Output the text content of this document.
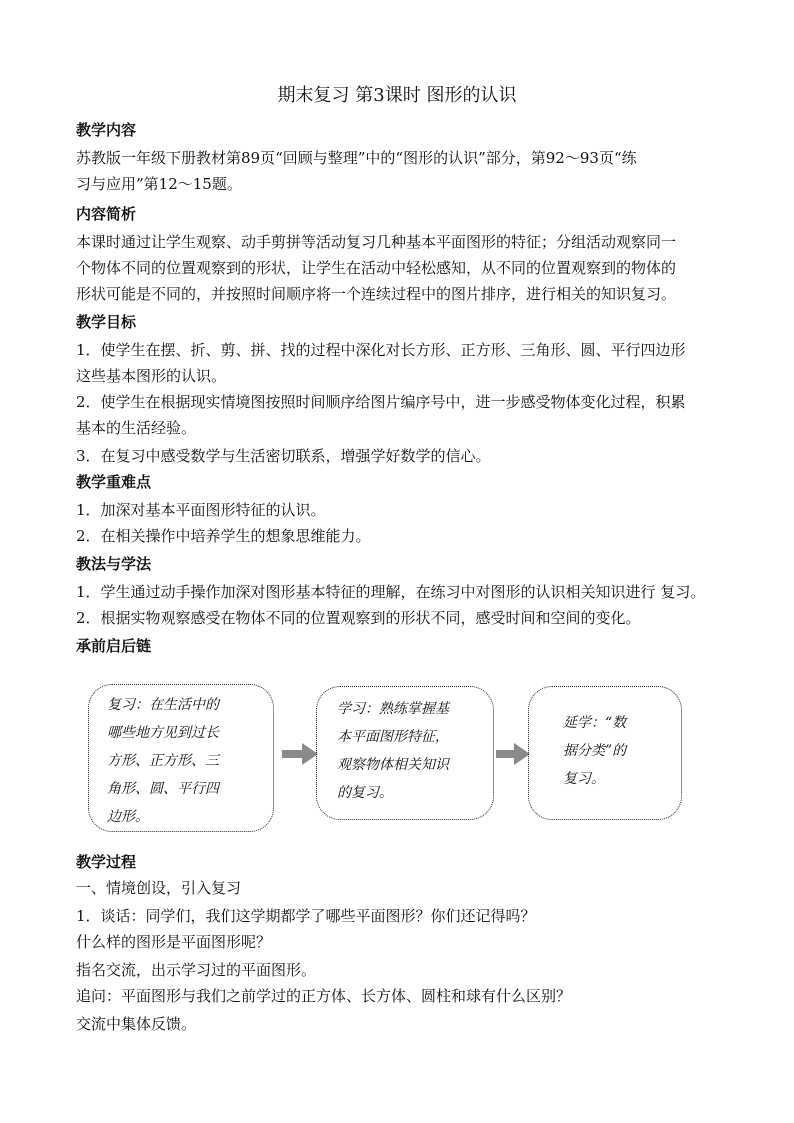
期末复习 第3课时 图形的认识
教学内容
苏教版一年级下册教材第89页“回顾与整理”中的“图形的认识”部分，第92～93页“练
习与应用”第12～15题。
内容简析
本课时通过让学生观察、动手剪拼等活动复习几种基本平面图形的特征；分组活动观察同一
个物体不同的位置观察到的形状，让学生在活动中轻松感知，从不同的位置观察到的物体的
形状可能是不同的，并按照时间顺序将一个连续过程中的图片排序，进行相关的知识复习。
教学目标
1．使学生在摆、折、剪、拼、找的过程中深化对长方形、正方形、三角形、圆、平行四边形
这些基本图形的认识。
2．使学生在根据现实情境图按照时间顺序给图片编序号中，进一步感受物体变化过程，积累
基本的生活经验。
3．在复习中感受数学与生活密切联系，增强学好数学的信心。
教学重难点
1．加深对基本平面图形特征的认识。
2．在相关操作中培养学生的想象思维能力。
教法与学法
1．学生通过动手操作加深对图形基本特征的理解，在练习中对图形的认识相关知识进行 复习。
2．根据实物观察感受在物体不同的位置观察到的形状不同，感受时间和空间的变化。
承前启后链
复习：在生活中的
哪些地方见到过长
方形、正方形、三
角形、圆、平行四
边形。
学习：熟练掌握基
本平面图形特征，
观察物体相关知识
的复习。
延学：“数
据分类”的
复习。
教学过程
一、情境创设，引入复习
1．谈话：同学们，我们这学期都学了哪些平面图形？你们还记得吗？
什么样的图形是平面图形呢？
指名交流，出示学习过的平面图形。
追问：平面图形与我们之前学过的正方体、长方体、圆柱和球有什么区别？
交流中集体反馈。
